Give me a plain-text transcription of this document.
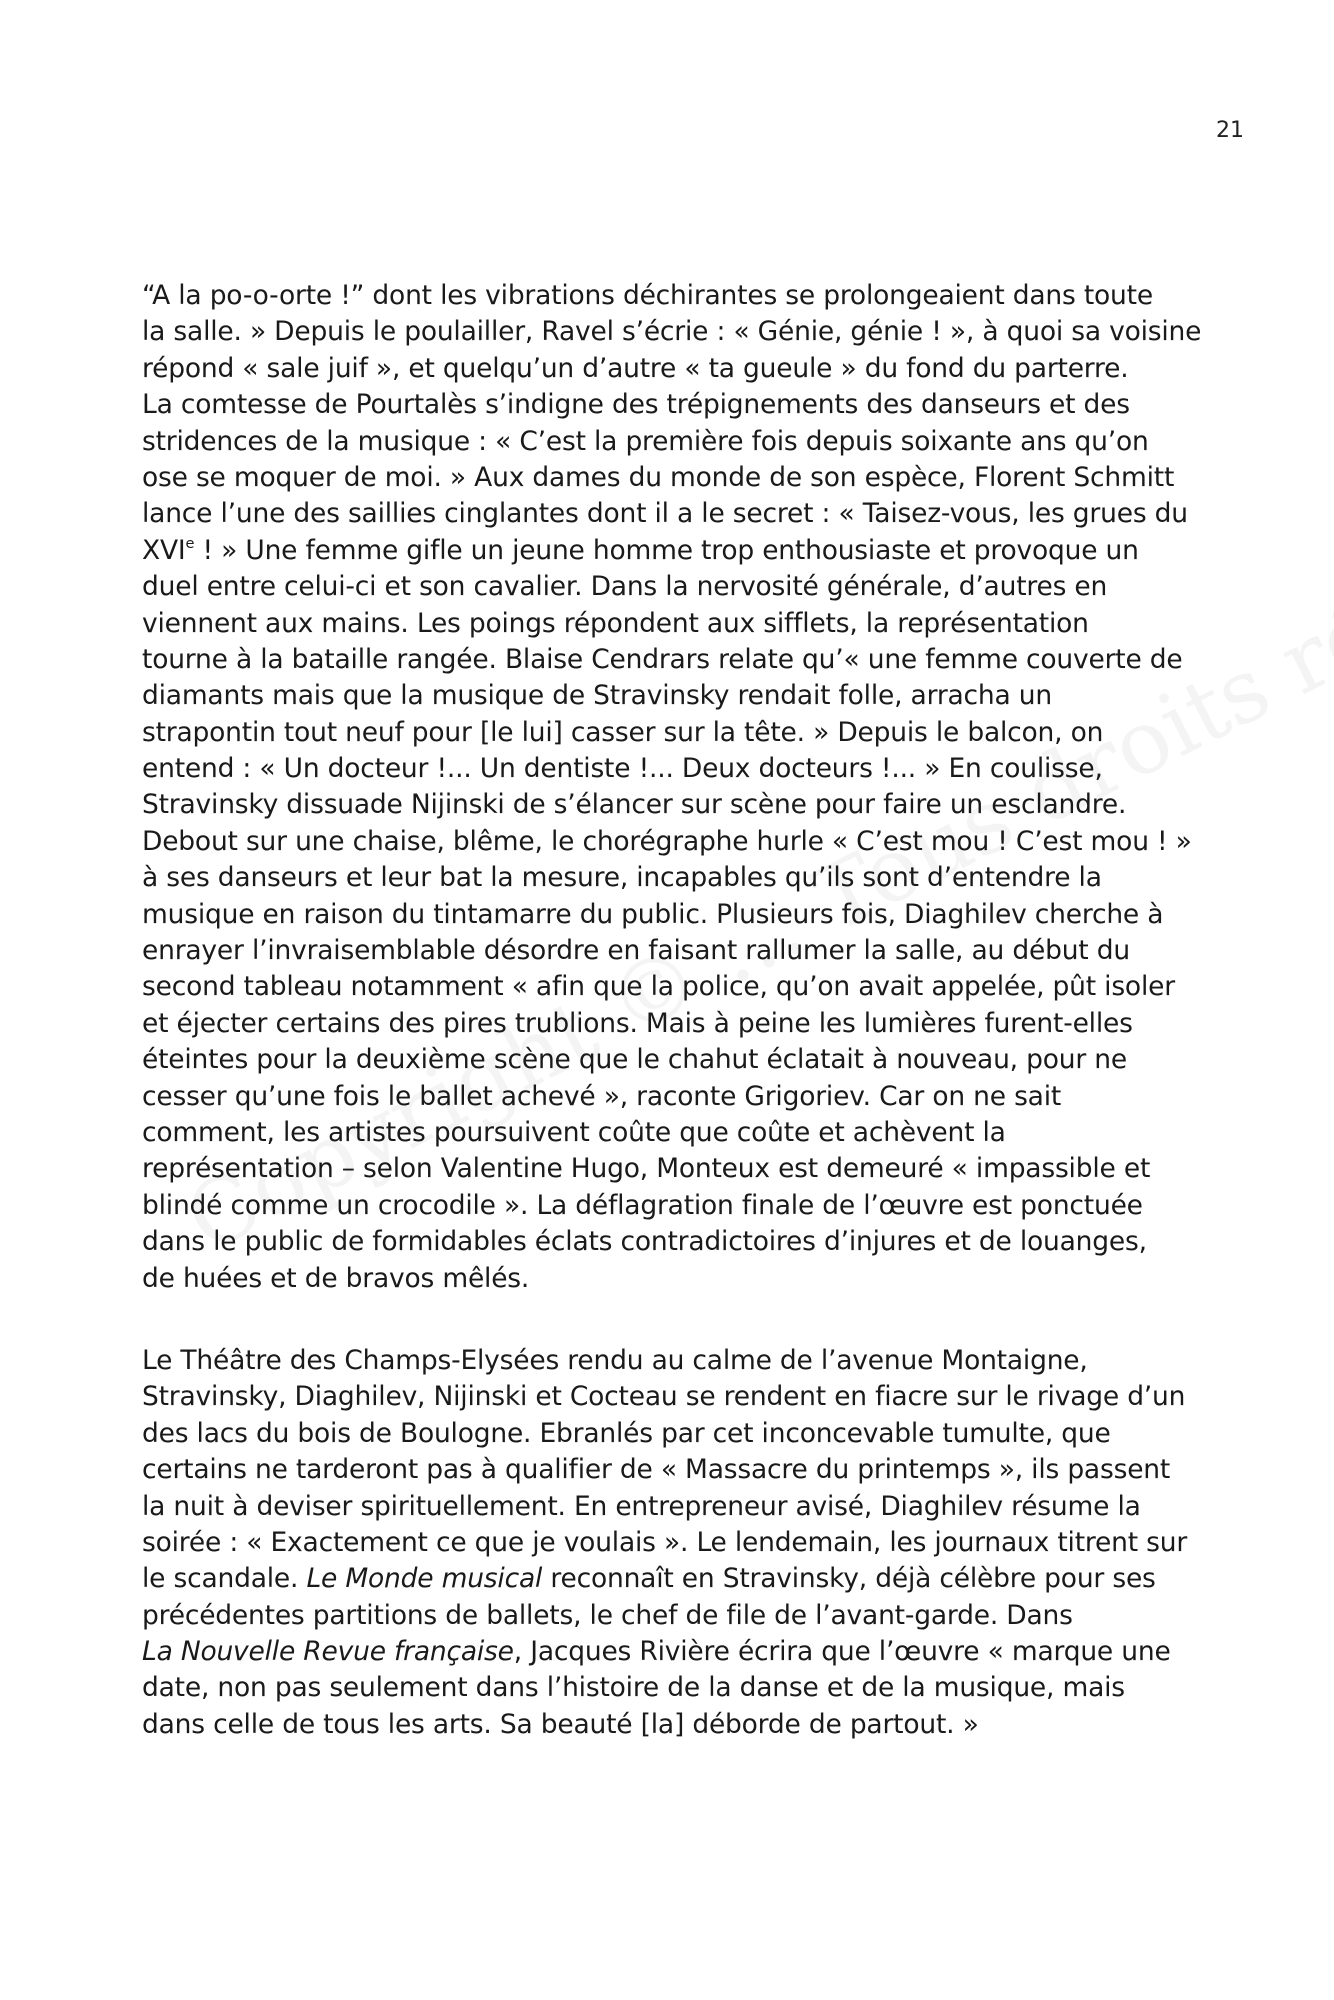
21
“A la po-o-orte !” dont les vibrations déchirantes se prolongeaient dans toute
la salle. » Depuis le poulailler, Ravel s’écrie : « Génie, génie ! », à quoi sa voisine
répond « sale juif », et quelqu’un d’autre « ta gueule » du fond du parterre.
La comtesse de Pourtalès s’indigne des trépignements des danseurs et des
stridences de la musique : « C’est la première fois depuis soixante ans qu’on
ose se moquer de moi. » Aux dames du monde de son espèce, Florent Schmitt
lance l’une des saillies cinglantes dont il a le secret : « Taisez-vous, les grues du
XVIe ! » Une femme gifle un jeune homme trop enthousiaste et provoque un
duel entre celui-ci et son cavalier. Dans la nervosité générale, d’autres en
viennent aux mains. Les poings répondent aux sifflets, la représentation
tourne à la bataille rangée. Blaise Cendrars relate qu’« une femme couverte de
diamants mais que la musique de Stravinsky rendait folle, arracha un
strapontin tout neuf pour [le lui] casser sur la tête. » Depuis le balcon, on
entend : « Un docteur !... Un dentiste !... Deux docteurs !... » En coulisse,
Stravinsky dissuade Nijinski de s’élancer sur scène pour faire un esclandre.
Debout sur une chaise, blême, le chorégraphe hurle « C’est mou ! C’est mou ! »
à ses danseurs et leur bat la mesure, incapables qu’ils sont d’entendre la
musique en raison du tintamarre du public. Plusieurs fois, Diaghilev cherche à
enrayer l’invraisemblable désordre en faisant rallumer la salle, au début du
second tableau notamment « afin que la police, qu’on avait appelée, pût isoler
et éjecter certains des pires trublions. Mais à peine les lumières furent-elles
éteintes pour la deuxième scène que le chahut éclatait à nouveau, pour ne
cesser qu’une fois le ballet achevé », raconte Grigoriev. Car on ne sait
comment, les artistes poursuivent coûte que coûte et achèvent la
représentation – selon Valentine Hugo, Monteux est demeuré « impassible et
blindé comme un crocodile ». La déflagration finale de l’œuvre est ponctuée
dans le public de formidables éclats contradictoires d’injures et de louanges,
de huées et de bravos mêlés.
Le Théâtre des Champs-Elysées rendu au calme de l’avenue Montaigne,
Stravinsky, Diaghilev, Nijinski et Cocteau se rendent en fiacre sur le rivage d’un
des lacs du bois de Boulogne. Ebranlés par cet inconcevable tumulte, que
certains ne tarderont pas à qualifier de « Massacre du printemps », ils passent
la nuit à deviser spirituellement. En entrepreneur avisé, Diaghilev résume la
soirée : « Exactement ce que je voulais ». Le lendemain, les journaux titrent sur
le scandale. Le Monde musical reconnaît en Stravinsky, déjà célèbre pour ses
précédentes partitions de ballets, le chef de file de l’avant-garde. Dans
La Nouvelle Revue française, Jacques Rivière écrira que l’œuvre « marque une
date, non pas seulement dans l’histoire de la danse et de la musique, mais
dans celle de tous les arts. Sa beauté [la] déborde de partout. »
